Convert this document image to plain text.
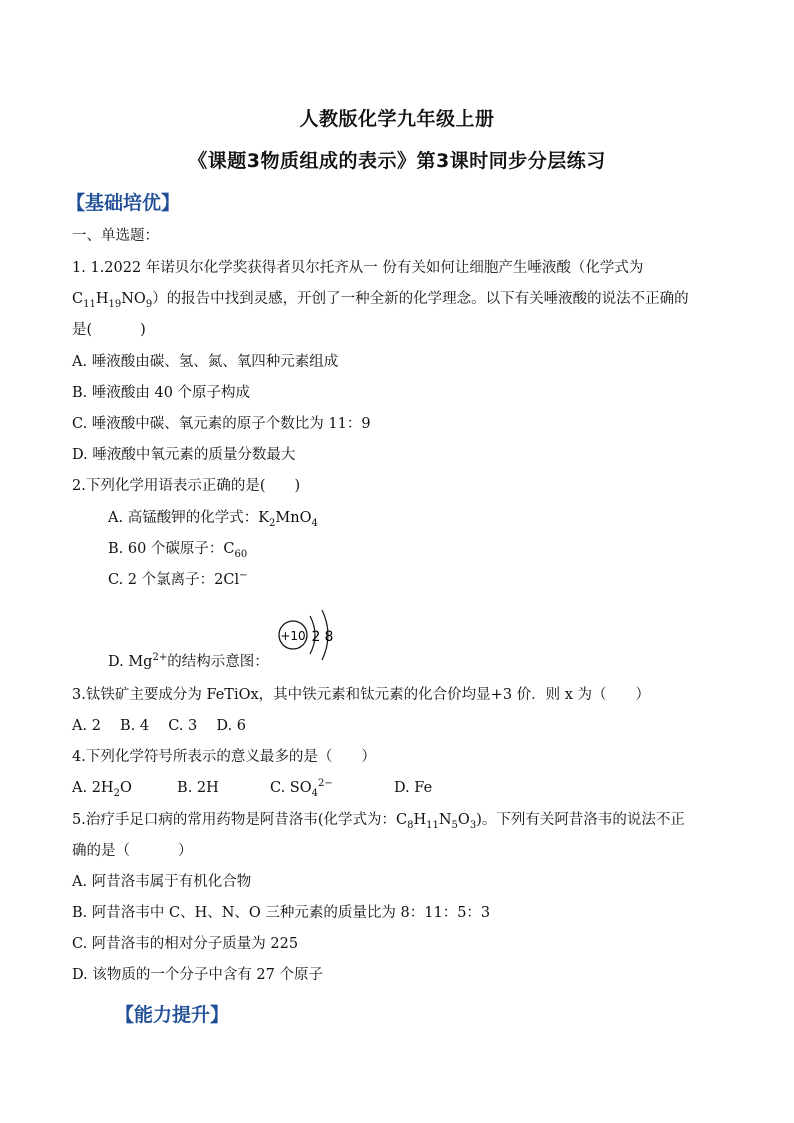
人教版化学九年级上册
《课题3物质组成的表示》第3课时同步分层练习
【基础培优】
一、单选题：
1. 1.2022 年诺贝尔化学奖获得者贝尔托齐从一 份有关如何让细胞产生唾液酸（化学式为
$C_{11}H_{19}NO_9$）的报告中找到灵感，开创了一种全新的化学理念。以下有关唾液酸的说法不正确的
是(	)
A. 唾液酸由碳、氢、氮、氧四种元素组成
B. 唾液酸由 40 个原子构成
C. 唾液酸中碳、氧元素的原子个数比为 11：9
D. 唾液酸中氧元素的质量分数最大
2.下列化学用语表示正确的是(　　)
A. 高锰酸钾的化学式：$K_2MnO_4$
B. 60 个碳原子：$C_{60}$
C. 2 个氯离子：2Cl−
+10 2 8
D. $Mg^{2+}$的结构示意图：
3.钛铁矿主要成分为 FeTiOx，其中铁元素和钛元素的化合价均显+3 价．则 x 为（　　）
A. 2　 B. 4　 C. 3　 D. 6
4.下列化学符号所表示的意义最多的是（　　）
A. $2H_2O$	B. 2H	C. $SO_4^{2-}$	D. Fe
5.治疗手足口病的常用药物是阿昔洛韦(化学式为：$C_8H_{11}N_5O_3$)。下列有关阿昔洛韦的说法不正
确的是（	）
A. 阿昔洛韦属于有机化合物
B. 阿昔洛韦中 C、H、N、O 三种元素的质量比为 8：11：5：3
C. 阿昔洛韦的相对分子质量为 225
D. 该物质的一个分子中含有 27 个原子
【能力提升】
